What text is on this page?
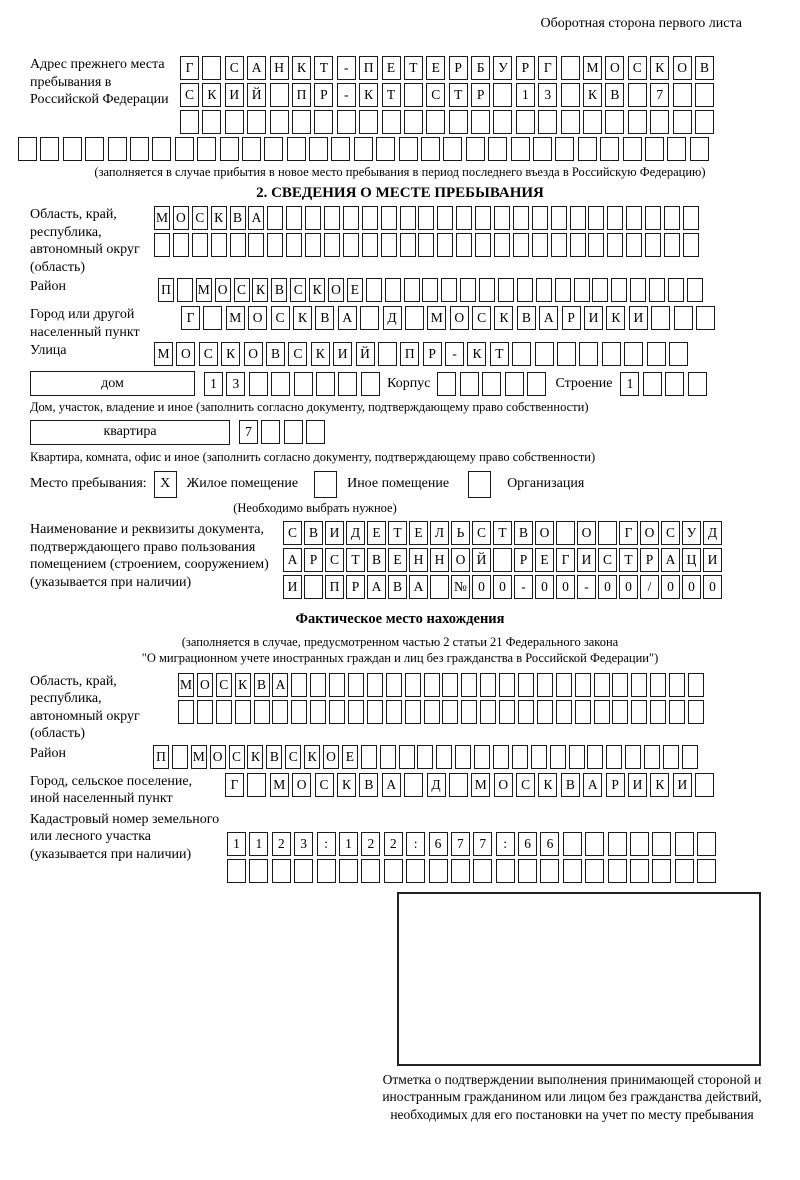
Оборотная сторона первого листа
Адрес прежнего места пребывания в Российской Федерации
Г	С А Н К	Т	-	П Е	Т	Е	Р	Б	У	Р	Г	М О С К О В
С К И Й	П	Р	-	К	Т	С	Т	Р	1	3	К В	7
(заполняется в случае прибытия в новое место пребывания в период последнего въезда в Российскую Федерацию)
2. СВЕДЕНИЯ О МЕСТЕ ПРЕБЫВАНИЯ
Область, край, республика, автономный округ (область)
М О С К В А
Район	П М О С К В С К О Е
Город или другой населенный пункт
Г	М О С К В А	Д	М О С К В А	Р	И К И
Улица	М О С К О В С К И Й	П	Р	-	К	Т
дом	1	3	Корпус	Строение	1
Дом, участок, владение и иное (заполнить согласно документу, подтверждающему право собственности)
квартира	7
Квартира, комната, офис и иное (заполнить согласно документу, подтверждающему право собственности)
Место пребывания: X	Жилое помещение	Иное помещение	Организация
(Необходимо выбрать нужное)
Наименование и реквизиты документа, подтверждающего право пользования помещением (строением, сооружением) (указывается при наличии)
С В И Д Е Т Е Л Ь С Т В О	О	Г О С У Д
А Р С Т В Е Н Н О Й	Р Е Г И С Т Р А Ц И
И	П Р А В А	№ 0	0	-	0	0	-	0	0	/	0	0	0
Фактическое место нахождения
(заполняется в случае, предусмотренном частью 2 статьи 21 Федерального закона
"О миграционном учете иностранных граждан и лиц без гражданства в Российской Федерации")
Область, край, республика, автономный округ (область)
М О С К В А
Район	П М О С К В С К О Е
Город, сельское поселение, иной населенный пункт
Г	М О С К В А	Д	М О С К В А	Р	И К И
Кадастровый номер земельного или лесного участка (указывается при наличии)
1	1	2	3	:	1	2	2	:	6	7	7	:	6	6
Отметка о подтверждении выполнения принимающей стороной и иностранным гражданином или лицом без гражданства действий, необходимых для его постановки на учет по месту пребывания
